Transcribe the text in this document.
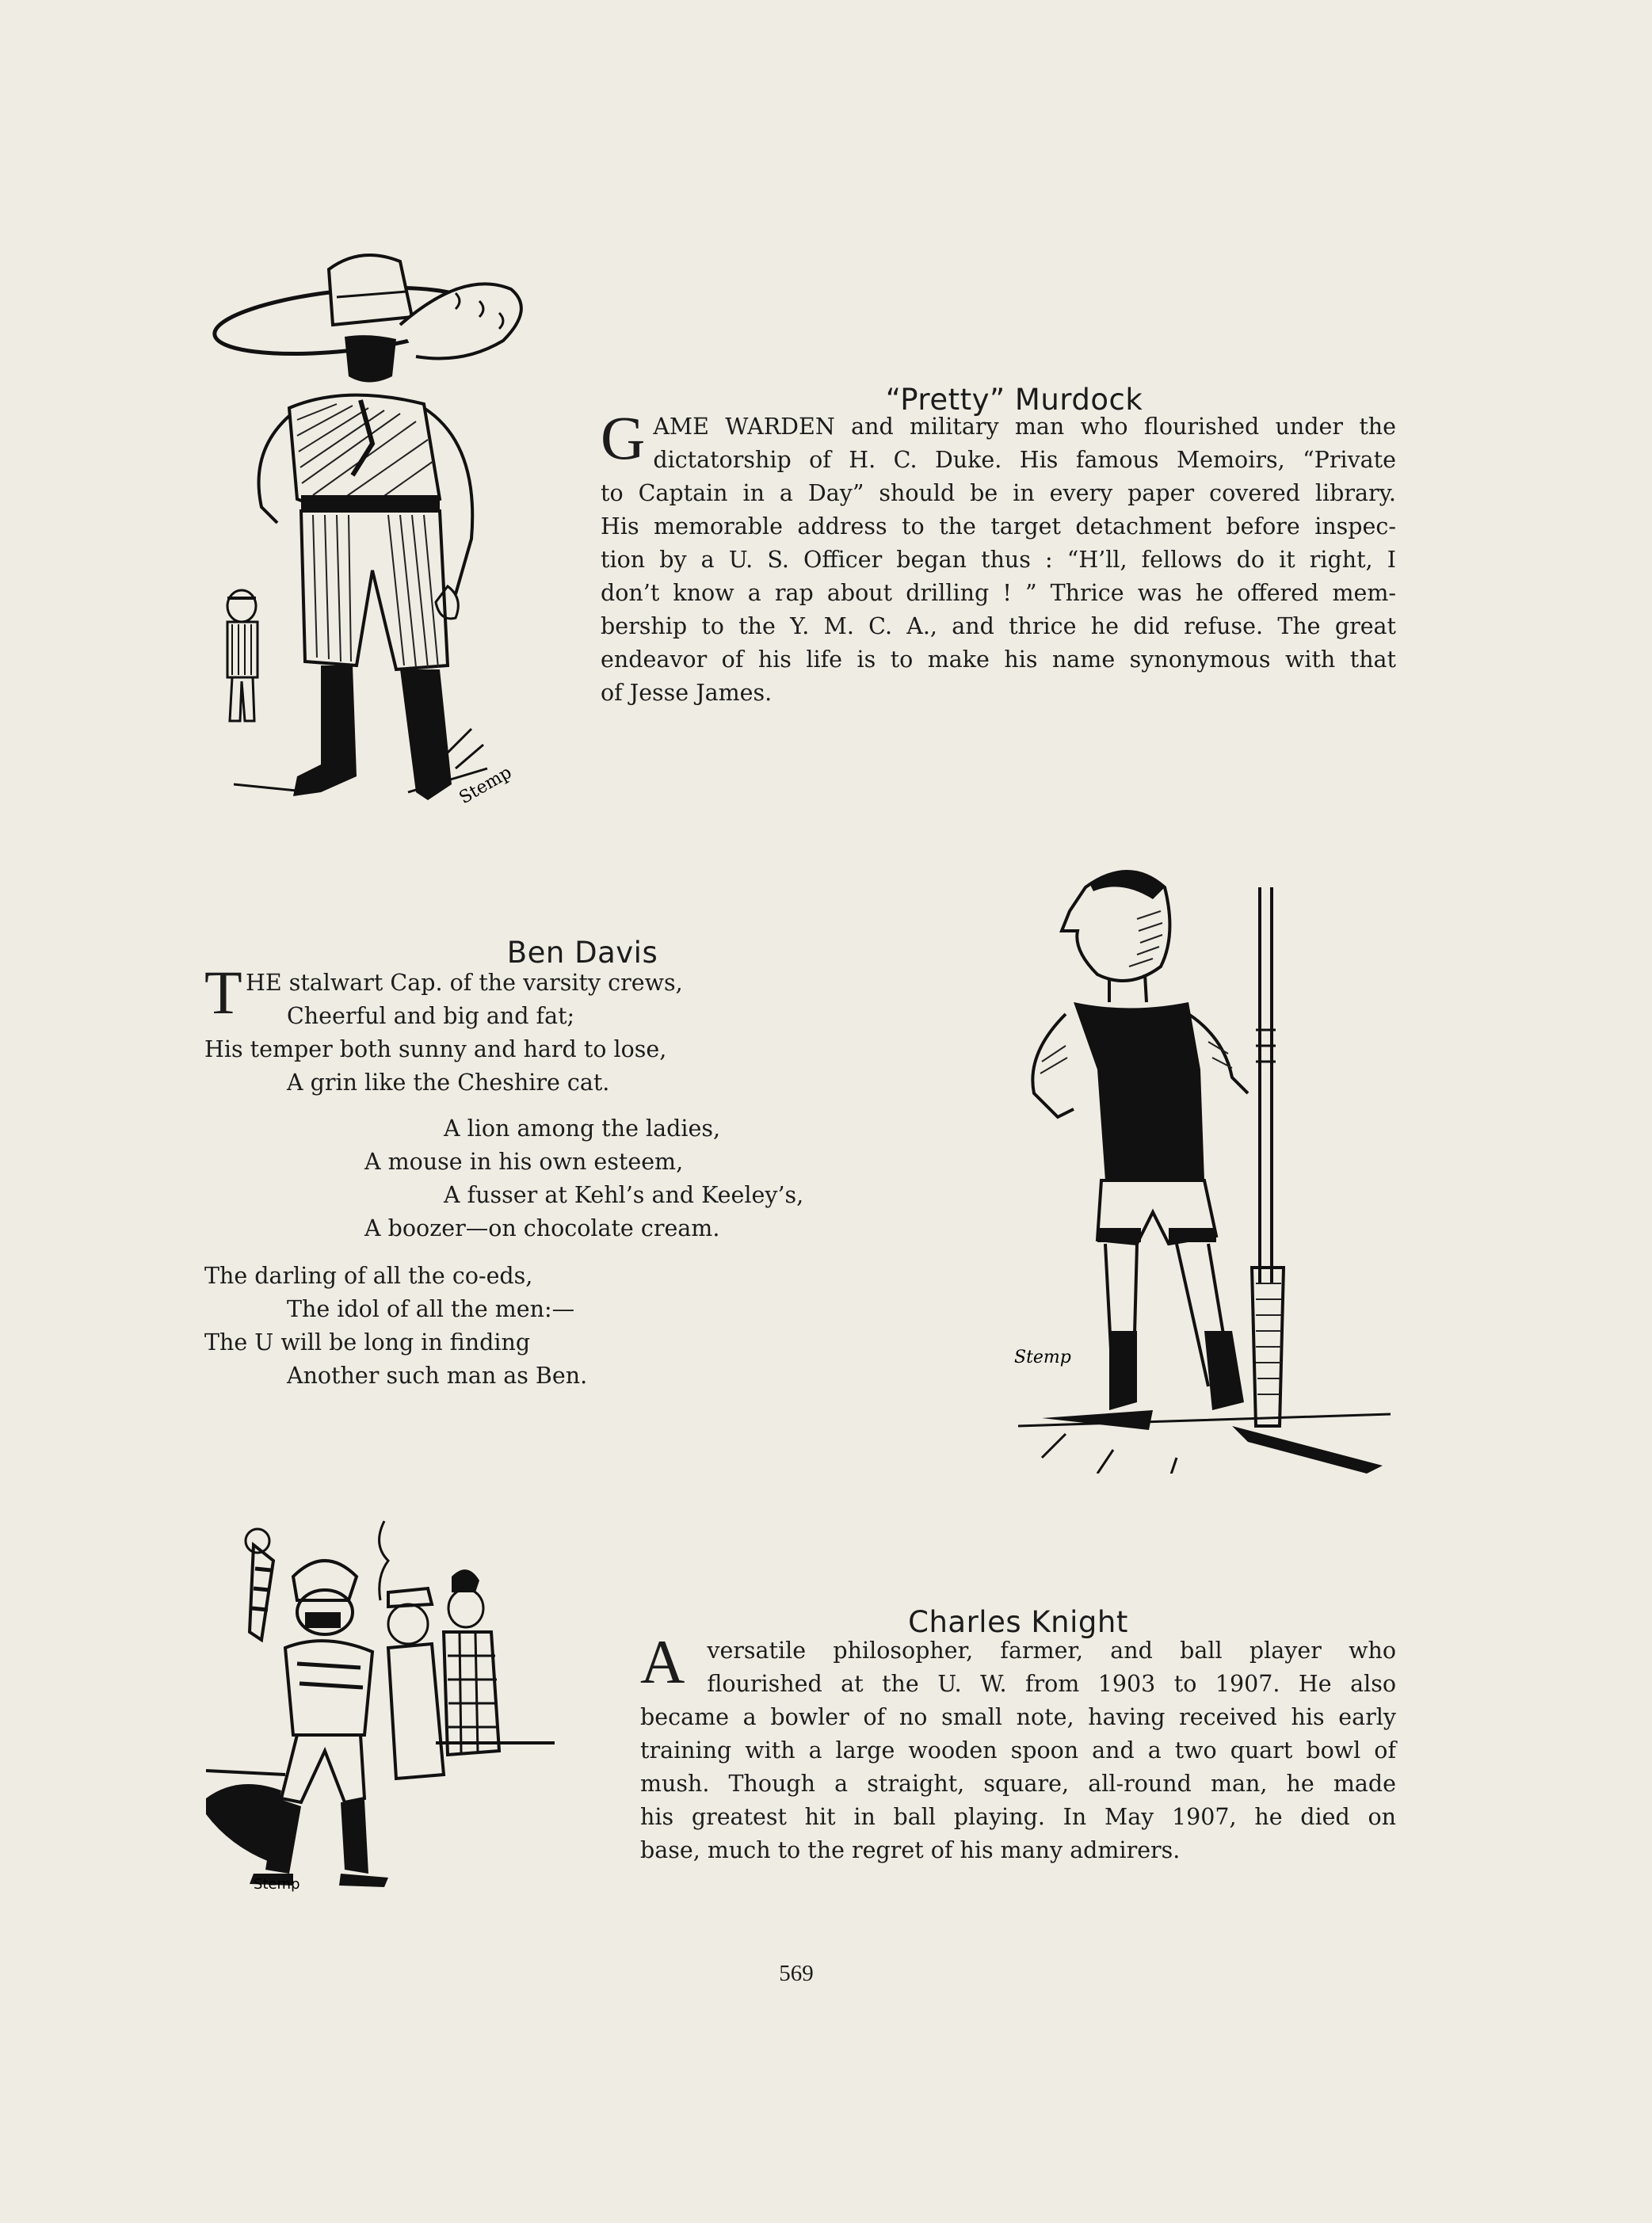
Stemp
“Pretty” Murdock
G AME WARDEN and military man who flourished under the
dictatorship of H. C. Duke. His famous Memoirs, “Private
to Captain in a Day” should be in every paper covered library.
His memorable address to the target detachment before inspec-
tion by a U. S. Officer began thus : “H’ll, fellows do it right, I
don’t know a rap about drilling ! ” Thrice was he offered mem-
bership to the Y. M. C. A., and thrice he did refuse. The great
endeavor of his life is to make his name synonymous with that
of Jesse James.
Ben Davis
T HE stalwart Cap. of the varsity crews,
Cheerful and big and fat;
His temper both sunny and hard to lose,
A grin like the Cheshire cat.
A lion among the ladies,
A mouse in his own esteem,
A fusser at Kehl’s and Keeley’s,
A boozer—on chocolate cream.
The darling of all the co-eds,
The idol of all the men:—
The U will be long in finding
Another such man as Ben.
Stemp
Stemp
Charles Knight
A versatile philosopher, farmer, and ball player who
flourished at the U. W. from 1903 to 1907. He also
became a bowler of no small note, having received his early
training with a large wooden spoon and a two quart bowl of
mush. Though a straight, square, all-round man, he made
his greatest hit in ball playing. In May 1907, he died on
base, much to the regret of his many admirers.
569
